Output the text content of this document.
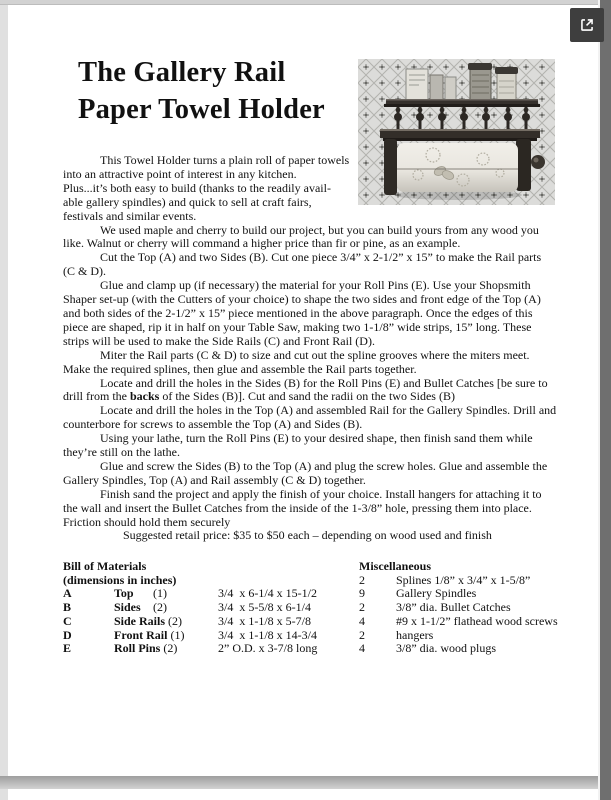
The Gallery Rail
Paper Towel Holder
This Towel Holder turns a plain roll of paper towels
into an attractive point of interest in any kitchen.
Plus...it’s both easy to build (thanks to the readily avail-
able gallery spindles) and quick to sell at craft fairs,
festivals and similar events.
We used maple and cherry to build our project, but you can build yours from any wood you
like. Walnut or cherry will command a higher price than fir or pine, as an example.
Cut the Top (A) and two Sides (B). Cut one piece 3/4” x 2-1/2” x 15” to make the Rail parts
(C & D).
Glue and clamp up (if necessary) the material for your Roll Pins (E). Use your Shopsmith
Shaper set-up (with the Cutters of your choice) to shape the two sides and front edge of the Top (A)
and both sides of the 2-1/2” x 15” piece mentioned in the above paragraph. Once the edges of this
piece are shaped, rip it in half on your Table Saw, making two 1-1/8” wide strips, 15” long. These
strips will be used to make the Side Rails (C) and Front Rail (D).
Miter the Rail parts (C & D) to size and cut out the spline grooves where the miters meet.
Make the required splines, then glue and assemble the Rail parts together.
Locate and drill the holes in the Sides (B) for the Roll Pins (E) and Bullet Catches [be sure to
drill from the backs of the Sides (B)]. Cut and sand the radii on the two Sides (B)
Locate and drill the holes in the Top (A) and assembled Rail for the Gallery Spindles. Drill and
counterbore for screws to assemble the Top (A) and Sides (B).
Using your lathe, turn the Roll Pins (E) to your desired shape, then finish sand them while
they’re still on the lathe.
Glue and screw the Sides (B) to the Top (A) and plug the screw holes. Glue and assemble the
Gallery Spindles, Top (A) and Rail assembly (C & D) together.
Finish sand the project and apply the finish of your choice. Install hangers for attaching it to
the wall and insert the Bullet Catches from the inside of the 1-3/8” hole, pressing them into place.
Friction should hold them securely
Suggested retail price: $35 to $50 each – depending on wood used and finish
Bill of Materials
(dimensions in inches)
A	Top (1)	3/4  x 6-1/4 x 15-1/2
B	Sides (2)	3/4  x 5-5/8 x 6-1/4
C	Side Rails (2)	3/4  x 1-1/8 x 5-7/8
D	Front Rail (1)	3/4  x 1-1/8 x 14-3/4
E	Roll Pins (2)	2” O.D. x 3-7/8 long
Miscellaneous
2	Splines 1/8” x 3/4” x 1-5/8”
9	Gallery Spindles
2	3/8” dia. Bullet Catches
4	#9 x 1-1/2” flathead wood screws
2	hangers
4	3/8” dia. wood plugs
